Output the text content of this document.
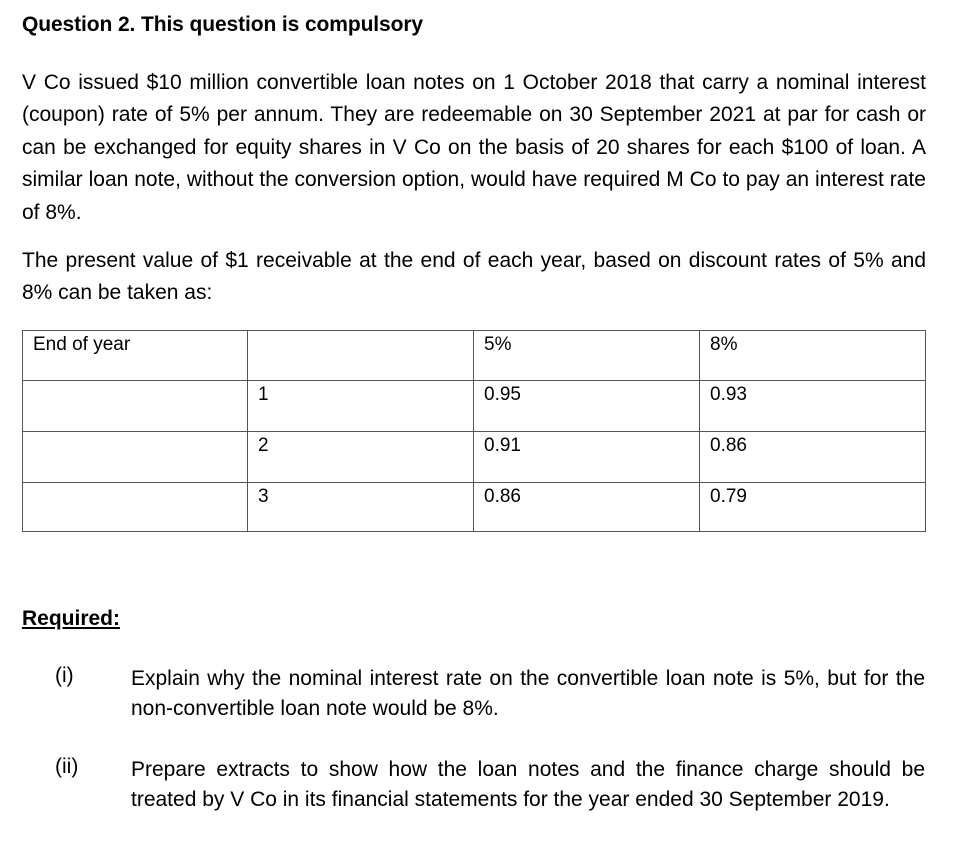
Question 2. This question is compulsory

V Co issued $10 million convertible loan notes on 1 October 2018 that carry a nominal interest (coupon) rate of 5% per annum. They are redeemable on 30 September 2021 at par for cash or can be exchanged for equity shares in V Co on the basis of 20 shares for each $100 of loan. A similar loan note, without the conversion option, would have required M Co to pay an interest rate of 8%.

The present value of $1 receivable at the end of each year, based on discount rates of 5% and 8% can be taken as:

End of year		5%	8%
	1	0.95	0.93
	2	0.91	0.86
	3	0.86	0.79
Required:
(i)	Explain why the nominal interest rate on the convertible loan note is 5%, but for the non-convertible loan note would be 8%.
(ii)	Prepare extracts to show how the loan notes and the finance charge should be treated by V Co in its financial statements for the year ended 30 September 2019.
